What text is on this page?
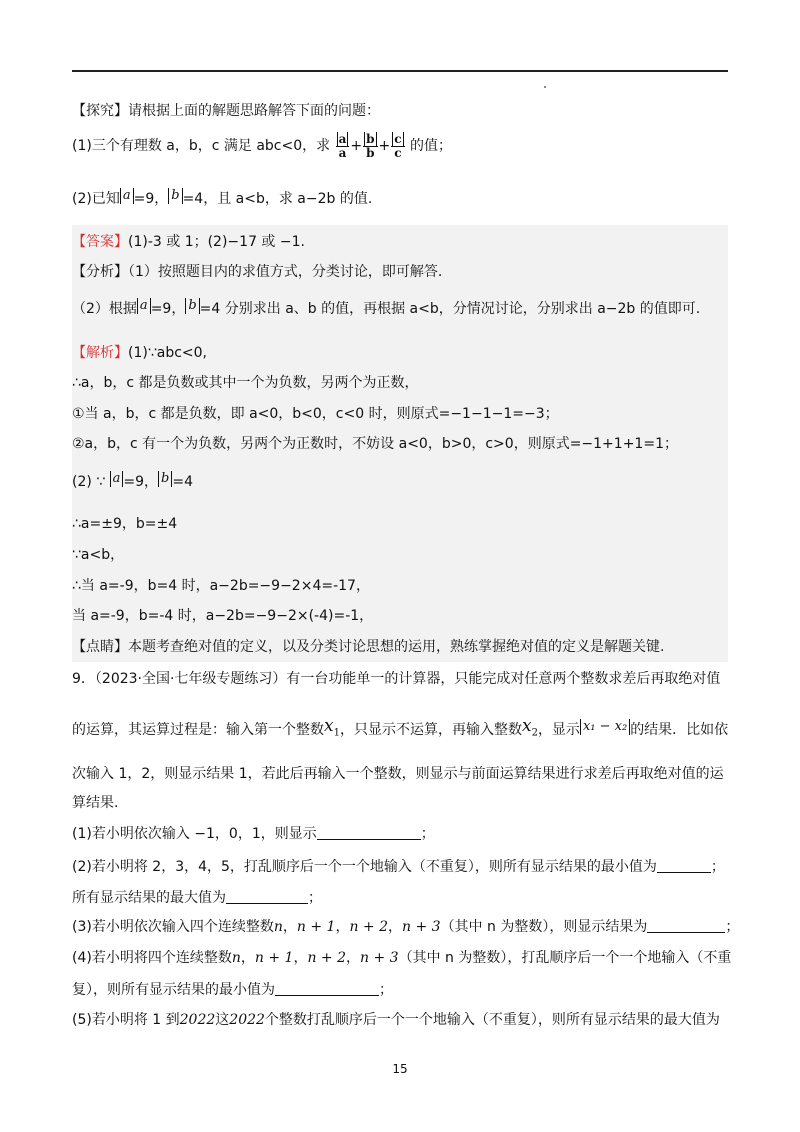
【探究】请根据上面的解题思路解答下面的问题：
(1)三个有理数 a，b，c 满足 abc<0，求 $\frac{a}{a} + \frac{b}{b} + \frac{c}{c}$ 的值；
(2)已知 a =9， b =4，且 a<b，求 a−2b 的值.
【答案】(1)-3 或 1；(2)−17 或 −1.
【分析】（1）按照题目内的求值方式，分类讨论，即可解答.
（2）根据 a =9， b =4 分别求出 a、b 的值，再根据 a<b，分情况讨论，分别求出 a−2b 的值即可.
【解析】(1)∵abc<0,
∴a，b，c 都是负数或其中一个为负数，另两个为正数，
①当 a，b，c 都是负数，即 a<0，b<0，c<0 时，则原式=−1−1−1=−3；
②a，b，c 有一个为负数，另两个为正数时，不妨设 a<0，b>0，c>0，则原式=−1+1+1=1；
(2) ∵ a =9， b =4
∴a=±9，b=±4
∵a<b，
∴当 a=-9，b=4 时，a−2b=−9−2×4=-17，
当 a=-9，b=-4 时，a−2b=−9−2×(-4)=-1，
【点睛】本题考查绝对值的定义，以及分类讨论思想的运用，熟练掌握绝对值的定义是解题关键.
9．（2023·全国·七年级专题练习）有一台功能单一的计算器，只能完成对任意两个整数求差后再取绝对值
的运算，其运算过程是：输入第一个整数$x_1$，只显示不运算，再输入整数$x_2$，显示 x₁ − x₂ 的结果．比如依
次输入 1，2，则显示结果 1，若此后再输入一个整数，则显示与前面运算结果进行求差后再取绝对值的运
算结果.
(1)若小明依次输入 −1，0，1，则显示	；
(2)若小明将 2，3，4，5，打乱顺序后一个一个地输入（不重复），则所有显示结果的最小值为	；
所有显示结果的最大值为	；
(3)若小明依次输入四个连续整数n，n + 1，n + 2，n + 3（其中 n 为整数），则显示结果为	；
(4)若小明将四个连续整数n，n + 1，n + 2，n + 3（其中 n 为整数），打乱顺序后一个一个地输入（不重
复），则所有显示结果的最小值为	；
(5)若小明将 1 到2022这2022个整数打乱顺序后一个一个地输入（不重复），则所有显示结果的最大值为
15
